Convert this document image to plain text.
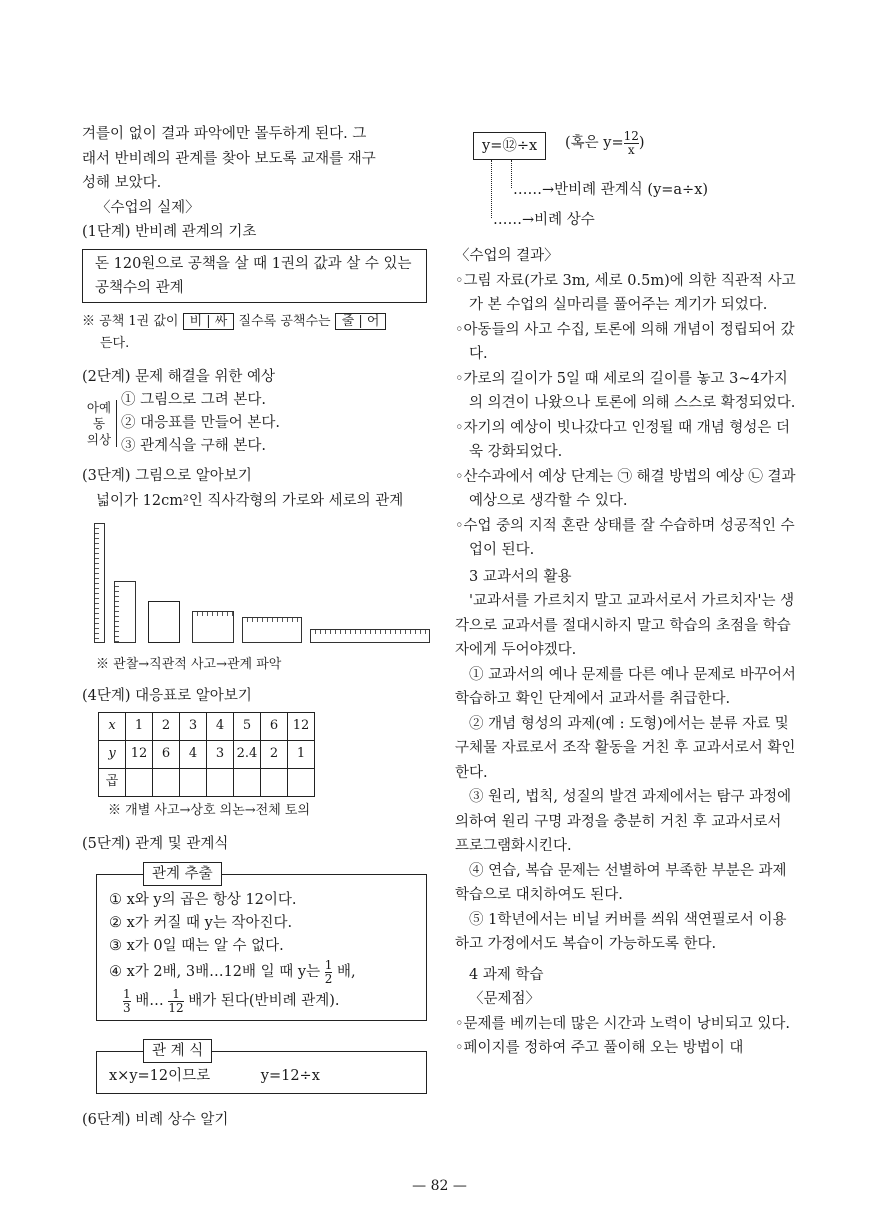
겨를이 없이 결과 파악에만 몰두하게 된다. 그

래서 반비례의 관계를 찾아 보도록 교재를 재구

성해 보았다.

〈수업의 실제〉

(1단계) 반비례 관계의 기초

돈 120원으로 공책을 살 때 1권의 값과 살 수 있는 공책수의 관계

※ 공책 1권 값이 비 | 싸 질수록 공책수는 줄 | 어

든다.

(2단계) 문제 해결을 위한 예상

아예
동
의상
① 그림으로 그려 본다.
② 대응표를 만들어 본다.
③ 관계식을 구해 본다.

(3단계) 그림으로 알아보기

넓이가 12cm²인 직사각형의 가로와 세로의 관계

※ 관찰→직관적 사고→관계 파악

(4단계) 대응표로 알아보기

x	1	2	3	4	5	6	12
y	12	6	4	3	2.4	2	1
곱							

※ 개별 사고→상호 의논→전체 토의

(5단계) 관계 및 관계식

관계 추출
① x와 y의 곱은 항상 12이다.
② x가 커질 때 y는 작아진다.
③ x가 0일 때는 알 수 없다.
④ x가 2배, 3배…12배 일 때 y는 $\frac{1}{2}$ 배,
$\frac{1}{3}$ 배… $\frac{1}{12}$ 배가 된다(반비례 관계).
관 계 식
x×y=12이므로	y=12÷x

(6단계) 비례 상수 알기

y=⑫÷x	(혹은 $y= \frac{12}{x}$ )
……→반비례 관계식 (y=a÷x)
……→비례 상수

〈수업의 결과〉

◦그림 자료(가로 3m, 세로 0.5m)에 의한 직관적 사고가 본 수업의 실마리를 풀어주는 계기가 되었다.

◦아동들의 사고 수집, 토론에 의해 개념이 정립되어 갔다.

◦가로의 길이가 5일 때 세로의 길이를 놓고 3~4가지의 의견이 나왔으나 토론에 의해 스스로 확정되었다.

◦자기의 예상이 빗나갔다고 인정될 때 개념 형성은 더욱 강화되었다.

◦산수과에서 예상 단계는 ㉠ 해결 방법의 예상 ㉡ 결과 예상으로 생각할 수 있다.

◦수업 중의 지적 혼란 상태를 잘 수습하며 성공적인 수업이 된다.

3 교과서의 활용

'교과서를 가르치지 말고 교과서로서 가르치자'는 생각으로 교과서를 절대시하지 말고 학습의 초점을 학습자에게 두어야겠다.

① 교과서의 예나 문제를 다른 예나 문제로 바꾸어서 학습하고 확인 단계에서 교과서를 취급한다.

② 개념 형성의 과제(예 : 도형)에서는 분류 자료 및 구체물 자료로서 조작 활동을 거친 후 교과서로서 확인한다.

③ 원리, 법칙, 성질의 발견 과제에서는 탐구 과정에 의하여 원리 구명 과정을 충분히 거친 후 교과서로서 프로그램화시킨다.

④ 연습, 복습 문제는 선별하여 부족한 부분은 과제 학습으로 대치하여도 된다.

⑤ 1학년에서는 비닐 커버를 씌워 색연필로서 이용하고 가정에서도 복습이 가능하도록 한다.

4 과제 학습

〈문제점〉

◦문제를 베끼는데 많은 시간과 노력이 낭비되고 있다.

◦페이지를 정하여 주고 풀이해 오는 방법이 대

— 82 —
